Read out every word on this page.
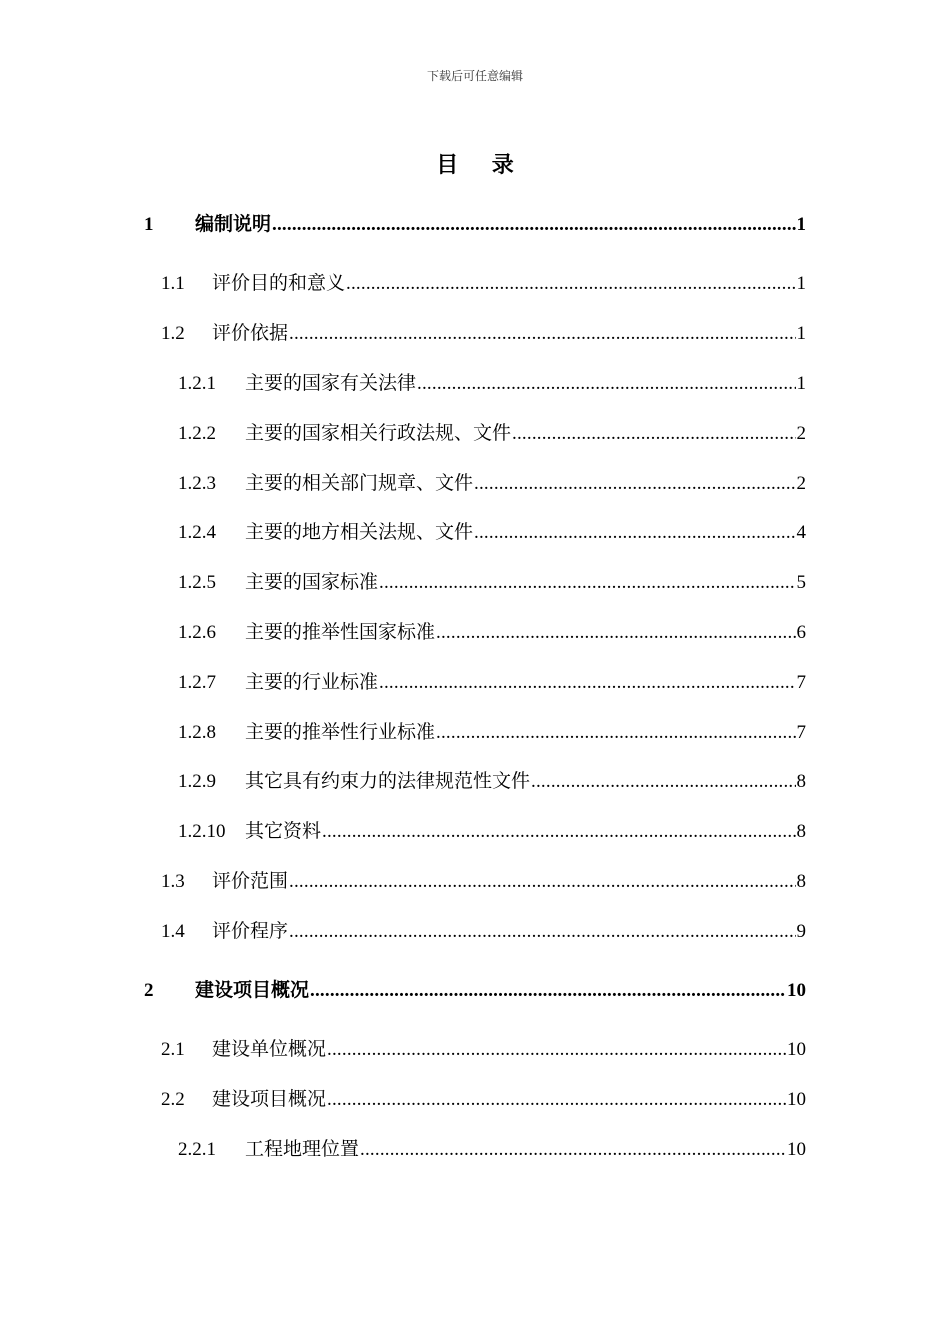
下载后可任意编辑
目 录
1	编制说明 .....	1
1.1	评价目的和意义 .....	1
1.2	评价依据 .....	1
1.2.1	主要的国家有关法律 .....	1
1.2.2	主要的国家相关行政法规、文件 .....	2
1.2.3	主要的相关部门规章、文件 .....	2
1.2.4	主要的地方相关法规、文件 .....	4
1.2.5	主要的国家标准 .....	5
1.2.6	主要的推举性国家标准 .....	6
1.2.7	主要的行业标准 .....	7
1.2.8	主要的推举性行业标准 .....	7
1.2.9	其它具有约束力的法律规范性文件 .....	8
1.2.10	其它资料 .....	8
1.3	评价范围 .....	8
1.4	评价程序 .....	9
2	建设项目概况 .....	10
2.1	建设单位概况 .....	10
2.2	建设项目概况 .....	10
2.2.1	工程地理位置 .....	10
